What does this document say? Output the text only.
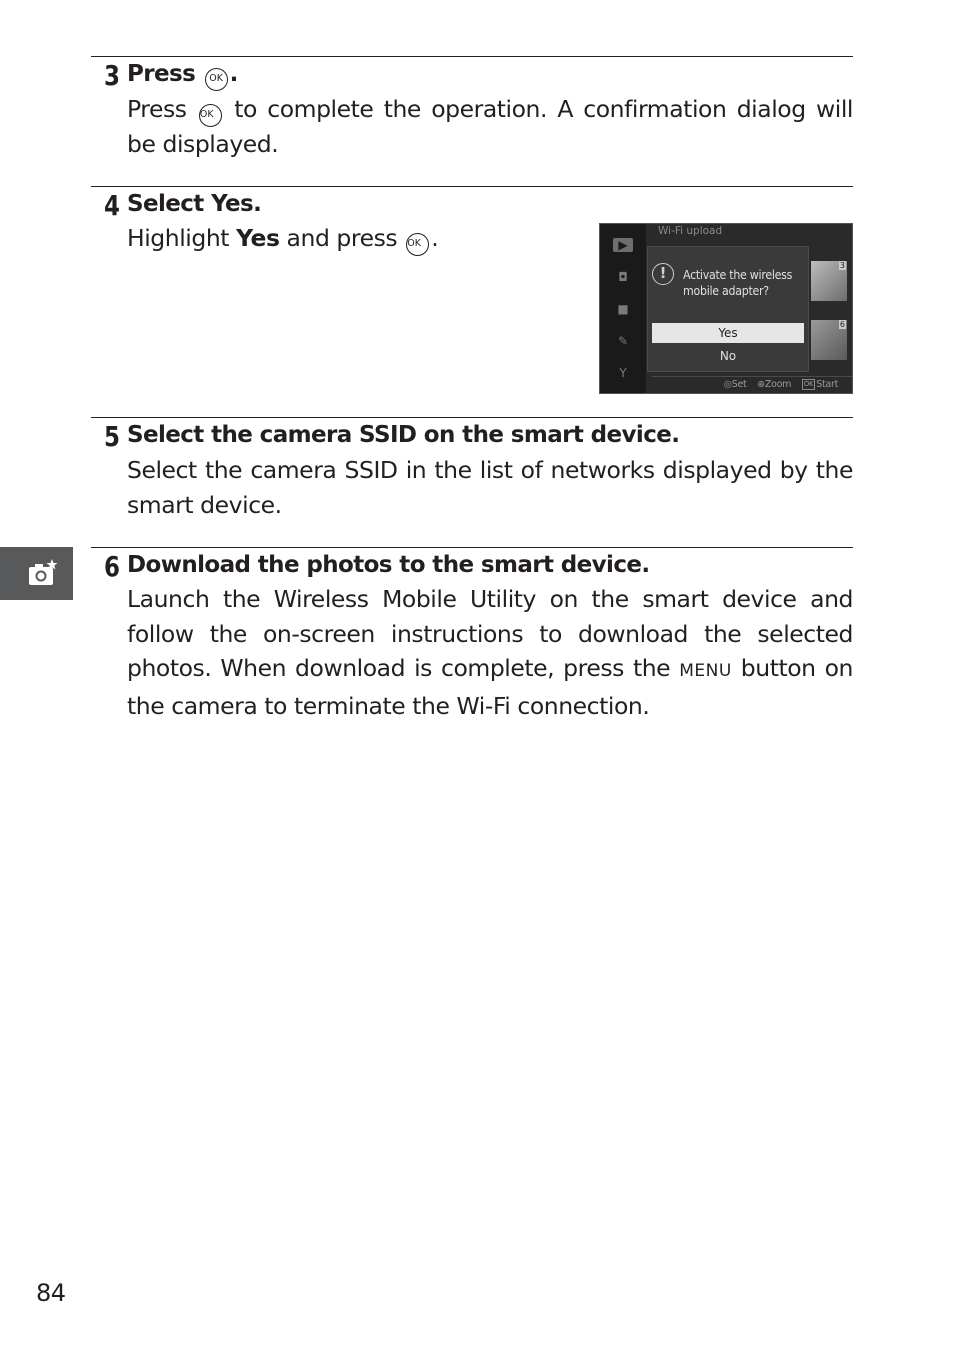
3 Press OK .
Press OK to complete the operation. A confirmation dialog will be displayed.
4 Select Yes.
Highlight Yes and press OK .	▶
◘
■
✎
Y
Wi-Fi upload
3
6
!	Activate the wireless
mobile adapter?
Yes
No
◎Set ⊕Zoom OK Start
5 Select the camera SSID on the smart device.
Select the camera SSID in the list of networks displayed by the smart device.
6 Download the photos to the smart device.
Launch the Wireless Mobile Utility on the smart device and follow the on-screen instructions to download the selected photos. When download is complete, press the MENU button on the camera to terminate the Wi-Fi connection.
84
